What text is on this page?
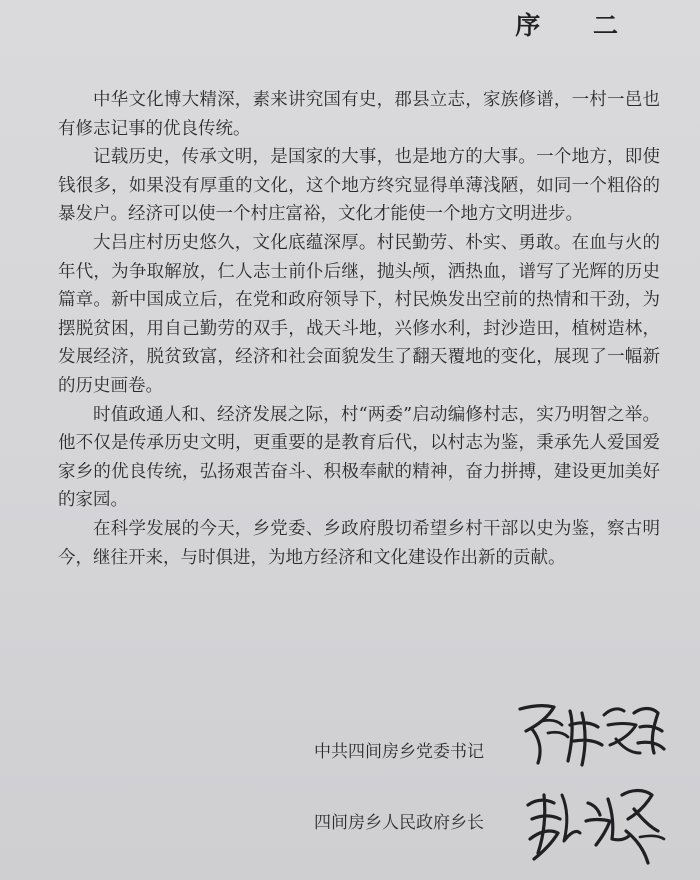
序 二

中华文化博大精深，素来讲究国有史，郡县立志，家族修谱，一村一邑也有修志记事的优良传统。

记载历史，传承文明，是国家的大事，也是地方的大事。一个地方，即使钱很多，如果没有厚重的文化，这个地方终究显得单薄浅陋，如同一个粗俗的暴发户。经济可以使一个村庄富裕，文化才能使一个地方文明进步。

大吕庄村历史悠久，文化底蕴深厚。村民勤劳、朴实、勇敢。在血与火的年代，为争取解放，仁人志士前仆后继，抛头颅，洒热血，谱写了光辉的历史篇章。新中国成立后，在党和政府领导下，村民焕发出空前的热情和干劲，为摆脱贫困，用自己勤劳的双手，战天斗地，兴修水利，封沙造田，植树造林，发展经济，脱贫致富，经济和社会面貌发生了翻天覆地的变化，展现了一幅新的历史画卷。

时值政通人和、经济发展之际，村“两委”启动编修村志，实乃明智之举。他不仅是传承历史文明，更重要的是教育后代，以村志为鉴，秉承先人爱国爱家乡的优良传统，弘扬艰苦奋斗、积极奉献的精神，奋力拼搏，建设更加美好的家园。

在科学发展的今天，乡党委、乡政府殷切希望乡村干部以史为鉴，察古明今，继往开来，与时俱进，为地方经济和文化建设作出新的贡献。

中共四间房乡党委书记
四间房乡人民政府乡长
